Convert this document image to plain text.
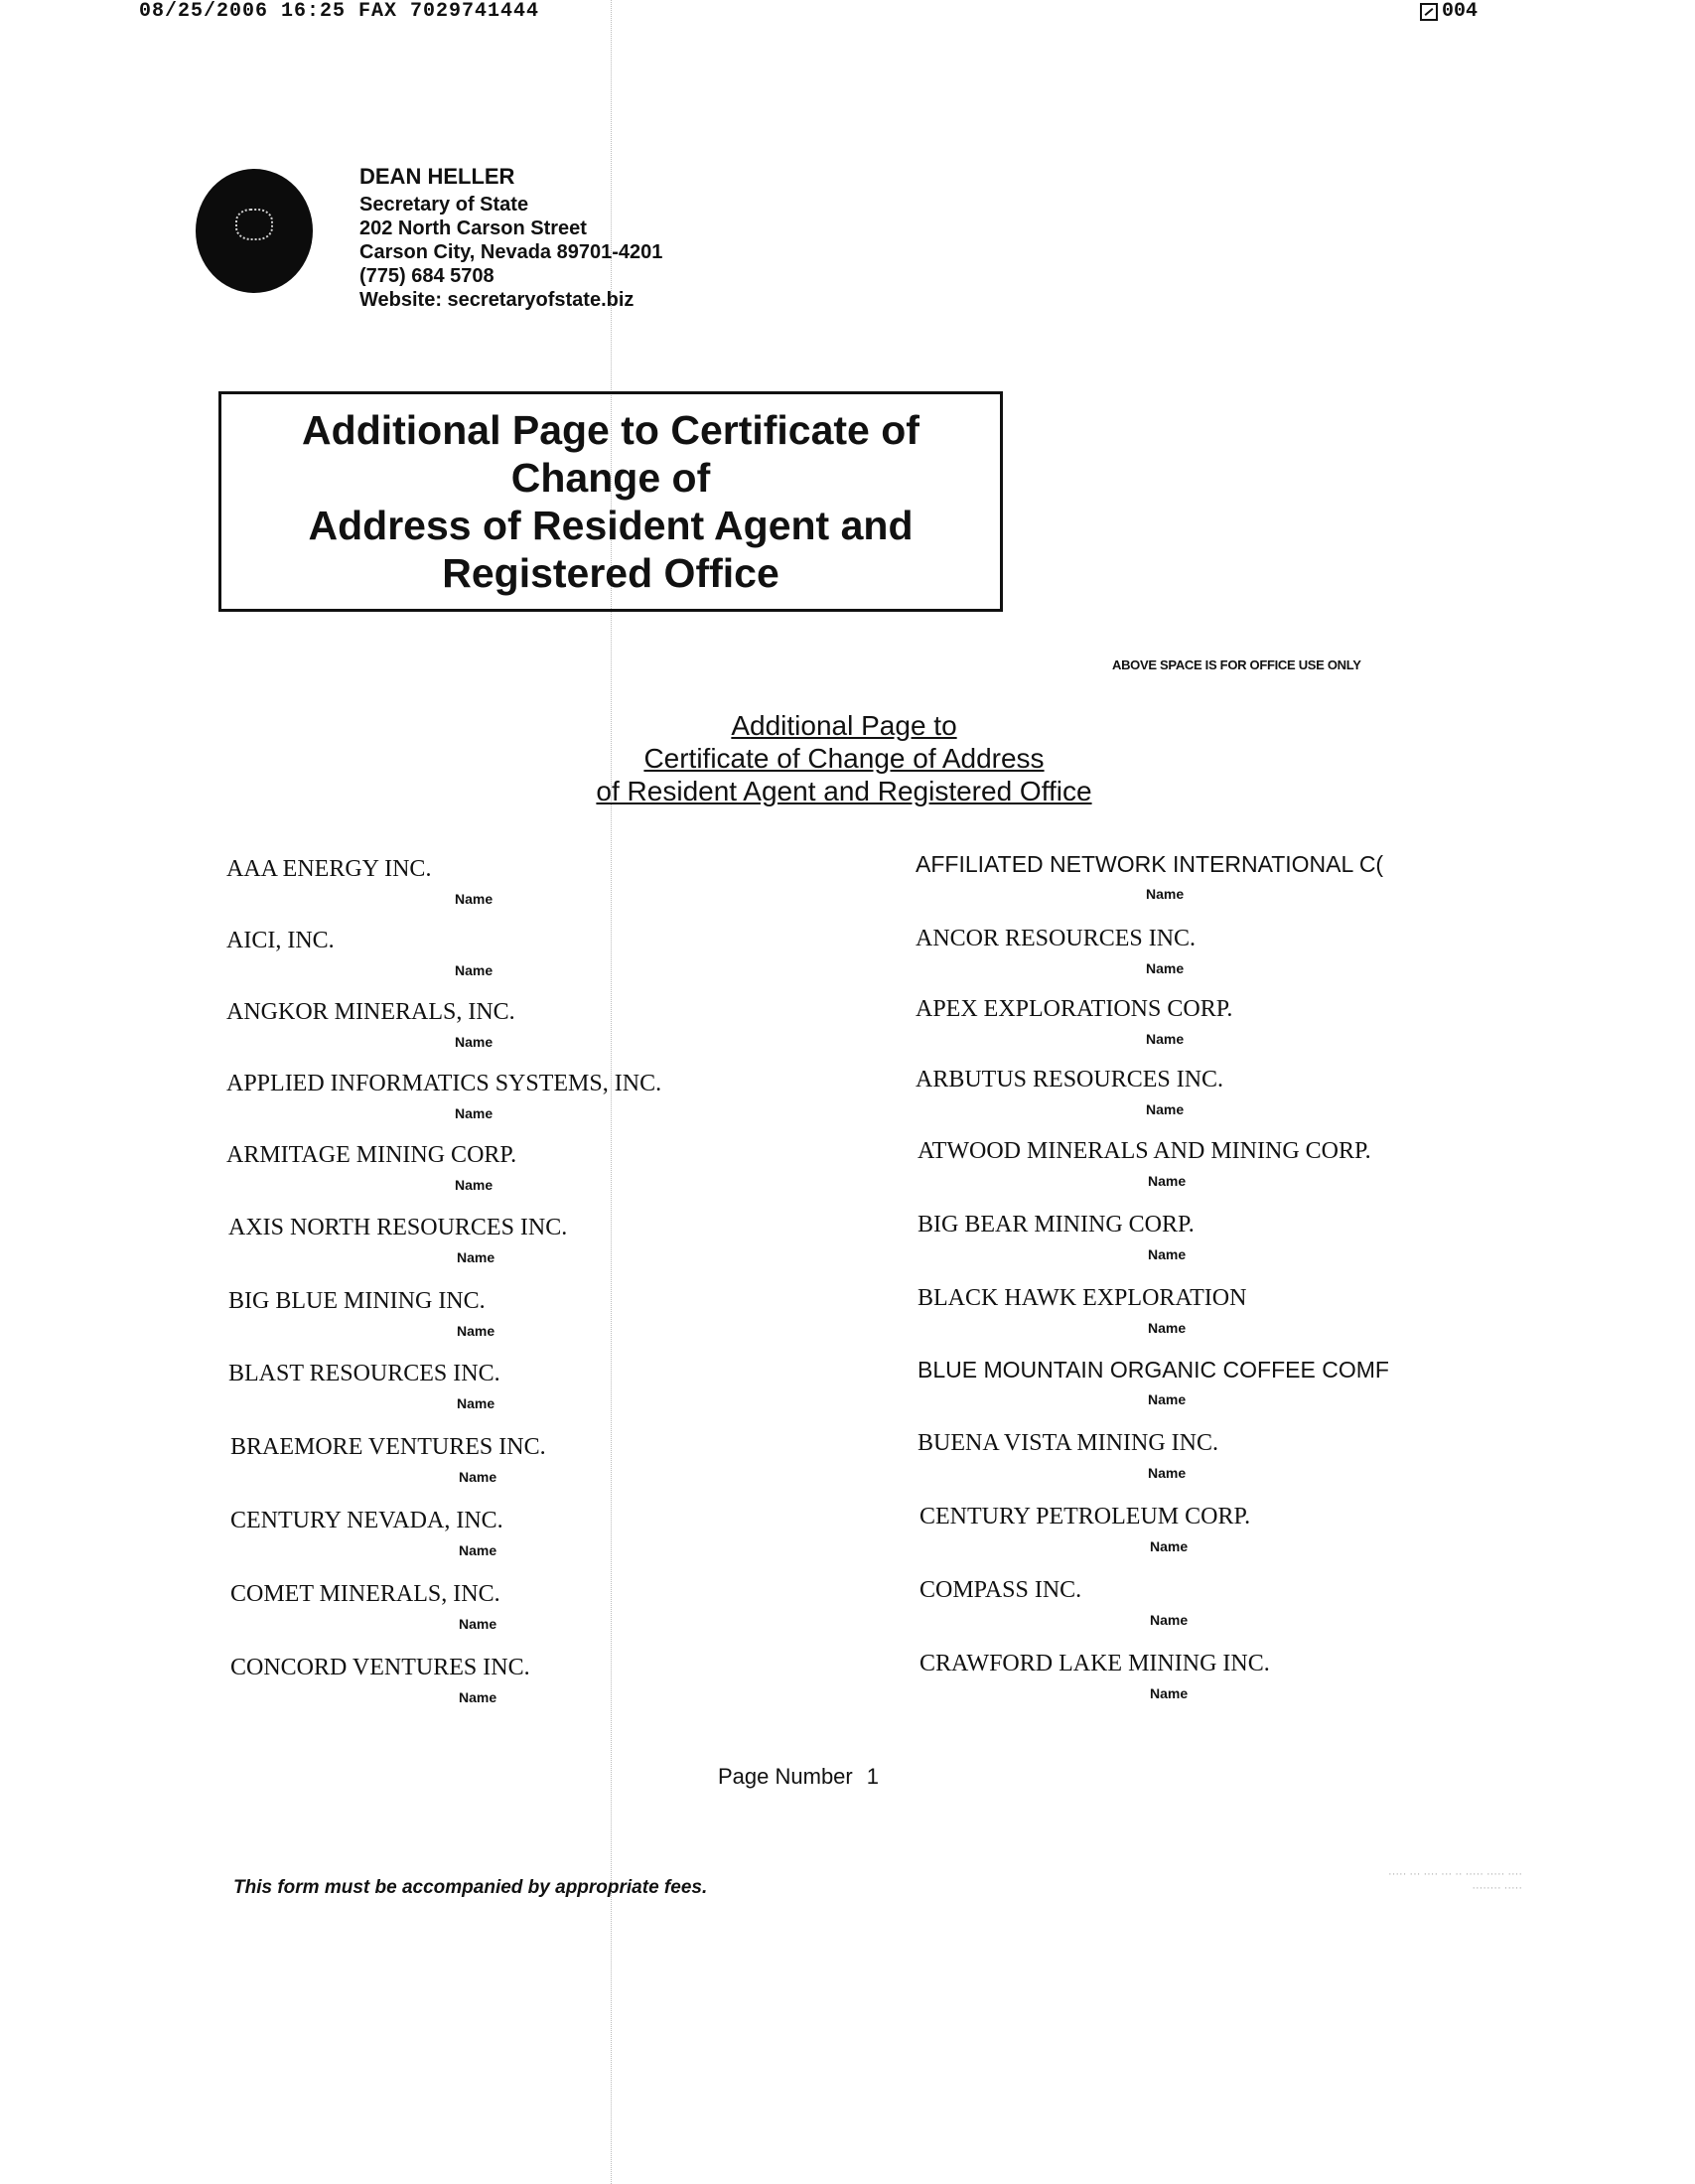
08/25/2006 16:25 FAX 7029741444	004
DEAN HELLER
Secretary of State
202 North Carson Street
Carson City, Nevada 89701-4201
(775) 684 5708
Website: secretaryofstate.biz
Additional Page to Certificate of
Change of
Address of Resident Agent and
Registered Office
ABOVE SPACE IS FOR OFFICE USE ONLY
Additional Page to
Certificate of Change of Address
of Resident Agent and Registered Office
AAA ENERGY INC.
Name
AICI, INC.
Name
ANGKOR MINERALS, INC.
Name
APPLIED INFORMATICS SYSTEMS, INC.
Name
ARMITAGE MINING CORP.
Name
AXIS NORTH RESOURCES INC.
Name
BIG BLUE MINING INC.
Name
BLAST RESOURCES INC.
Name
BRAEMORE VENTURES INC.
Name
CENTURY NEVADA, INC.
Name
COMET MINERALS, INC.
Name
CONCORD VENTURES INC.
Name
AFFILIATED NETWORK INTERNATIONAL C(
Name
ANCOR RESOURCES INC.
Name
APEX EXPLORATIONS CORP.
Name
ARBUTUS RESOURCES INC.
Name
ATWOOD MINERALS AND MINING CORP.
Name
BIG BEAR MINING CORP.
Name
BLACK HAWK EXPLORATION
Name
BLUE MOUNTAIN ORGANIC COFFEE COMF
Name
BUENA VISTA MINING INC.
Name
CENTURY PETROLEUM CORP.
Name
COMPASS INC.
Name
CRAWFORD LAKE MINING INC.
Name
Page Number 1
This form must be accompanied by appropriate fees.
····· ··· ···· ··· ·· ····· ····· ····
········ ·····
